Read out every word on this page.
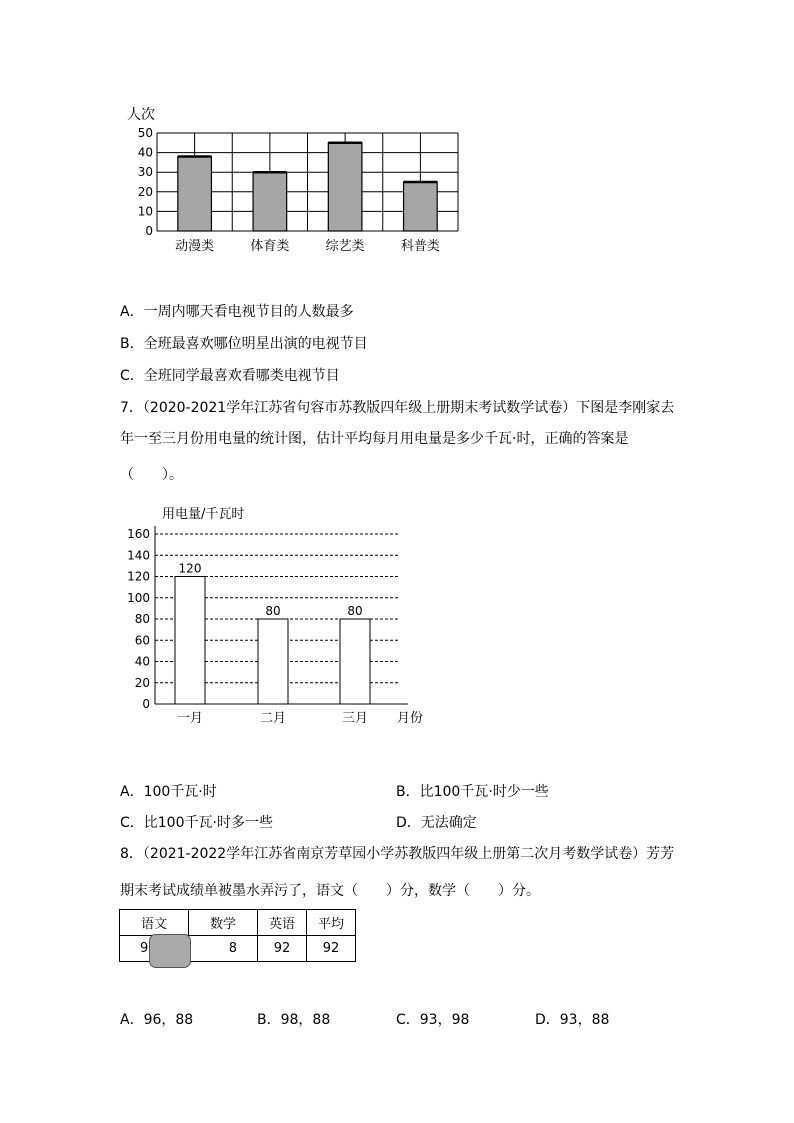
人次
50
40
30
20
10
0
动漫类	体育类	综艺类	科普类
A．一周内哪天看电视节目的人数最多
B．全班最喜欢哪位明星出演的电视节目
C．全班同学最喜欢看哪类电视节目
7．（2020-2021学年江苏省句容市苏教版四年级上册期末考试数学试卷）下图是李刚家去
年一至三月份用电量的统计图，估计平均每月用电量是多少千瓦·时，正确的答案是
（　　）。
用电量/千瓦时
160
140
120
100
80
60
40
20
0
120
一月
80
二月
80
三月 月份
A．100千瓦·时	B．比100千瓦·时少一些
C．比100千瓦·时多一些	D．无法确定
8．（2021-2022学年江苏省南京芳草园小学苏教版四年级上册第二次月考数学试卷）芳芳
期末考试成绩单被墨水弄污了，语文（　　）分，数学（　　）分。
语文	数学	英语	平均
9	8	92	92
A．96，88	B．98，88	C．93，98	D．93，88
